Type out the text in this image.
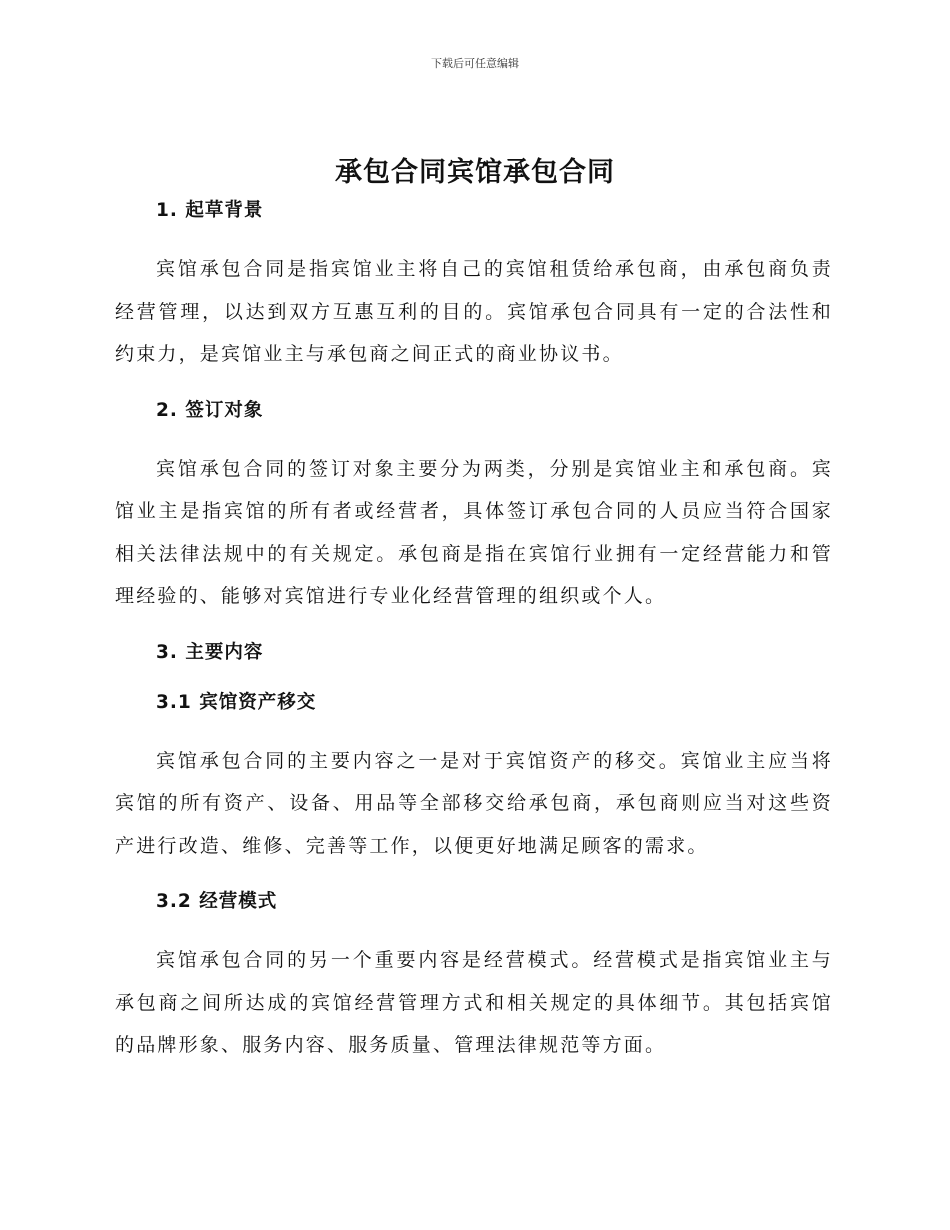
下载后可任意编辑
承包合同宾馆承包合同
1. 起草背景

宾馆承包合同是指宾馆业主将自己的宾馆租赁给承包商，由承包商负责经营管理，以达到双方互惠互利的目的。宾馆承包合同具有一定的合法性和约束力，是宾馆业主与承包商之间正式的商业协议书。

2. 签订对象

宾馆承包合同的签订对象主要分为两类，分别是宾馆业主和承包商。宾馆业主是指宾馆的所有者或经营者，具体签订承包合同的人员应当符合国家相关法律法规中的有关规定。承包商是指在宾馆行业拥有一定经营能力和管理经验的、能够对宾馆进行专业化经营管理的组织或个人。

3. 主要内容
3.1 宾馆资产移交

宾馆承包合同的主要内容之一是对于宾馆资产的移交。宾馆业主应当将宾馆的所有资产、设备、用品等全部移交给承包商，承包商则应当对这些资产进行改造、维修、完善等工作，以便更好地满足顾客的需求。

3.2 经营模式

宾馆承包合同的另一个重要内容是经营模式。经营模式是指宾馆业主与承包商之间所达成的宾馆经营管理方式和相关规定的具体细节。其包括宾馆的品牌形象、服务内容、服务质量、管理法律规范等方面。
